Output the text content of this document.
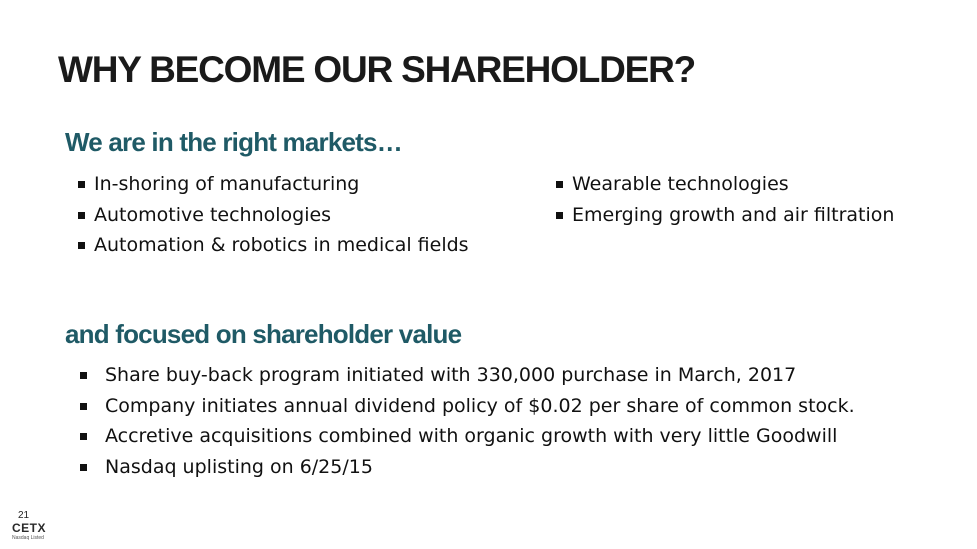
WHY BECOME OUR SHAREHOLDER?
We are in the right markets…
In-shoring of manufacturing
Automotive technologies
Automation & robotics in medical fields
Wearable technologies
Emerging growth and air filtration
and focused on shareholder value
Share buy-back program initiated with 330,000 purchase in March, 2017
Company initiates annual dividend policy of $0.02 per share of common stock.
Accretive acquisitions combined with organic growth with very little Goodwill
Nasdaq uplisting on 6/25/15
21
CETX
Nasdaq Listed
